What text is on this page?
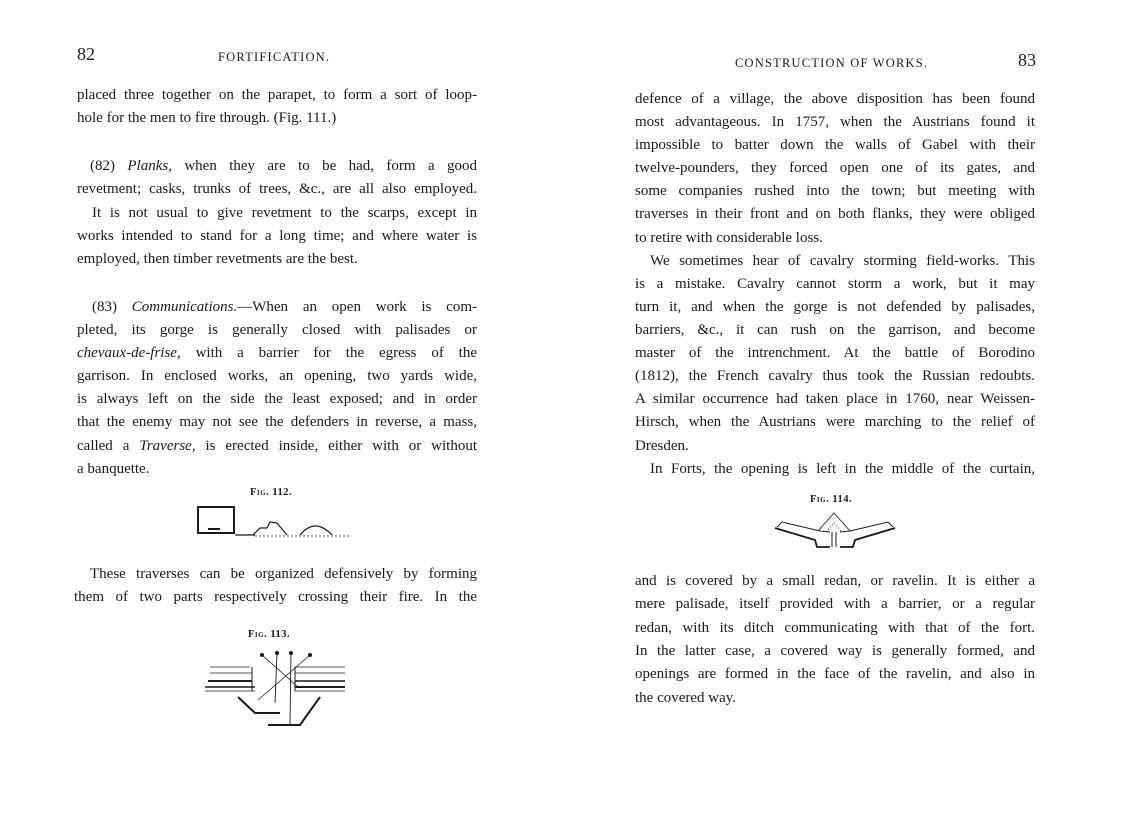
82	FORTIFICATION.
placed three together on the parapet, to form a sort of loop-
hole for the men to fire through. (Fig. 111.)
(82) Planks, when they are to be had, form a good
revetment; casks, trunks of trees, &c., are all also employed.
It is not usual to give revetment to the scarps, except in
works intended to stand for a long time; and where water is
employed, then timber revetments are the best.
(83) Communications.—When an open work is com-
pleted, its gorge is generally closed with palisades or
chevaux-de-frise, with a barrier for the egress of the
garrison. In enclosed works, an opening, two yards wide,
is always left on the side the least exposed; and in order
that the enemy may not see the defenders in reverse, a mass,
called a Traverse, is erected inside, either with or without
a banquette.
Fig. 112.
These traverses can be organized defensively by forming
them of two parts respectively crossing their fire. In the
Fig. 113.
CONSTRUCTION OF WORKS.	83
defence of a village, the above disposition has been found
most advantageous. In 1757, when the Austrians found it
impossible to batter down the walls of Gabel with their
twelve-pounders, they forced open one of its gates, and
some companies rushed into the town; but meeting with
traverses in their front and on both flanks, they were obliged
to retire with considerable loss.
We sometimes hear of cavalry storming field-works. This
is a mistake. Cavalry cannot storm a work, but it may
turn it, and when the gorge is not defended by palisades,
barriers, &c., it can rush on the garrison, and become
master of the intrenchment. At the battle of Borodino
(1812), the French cavalry thus took the Russian redoubts.
A similar occurrence had taken place in 1760, near Weissen-
Hirsch, when the Austrians were marching to the relief of
Dresden.
In Forts, the opening is left in the middle of the curtain,
Fig. 114.
and is covered by a small redan, or ravelin. It is either a
mere palisade, itself provided with a barrier, or a regular
redan, with its ditch communicating with that of the fort.
In the latter case, a covered way is generally formed, and
openings are formed in the face of the ravelin, and also in
the covered way.
